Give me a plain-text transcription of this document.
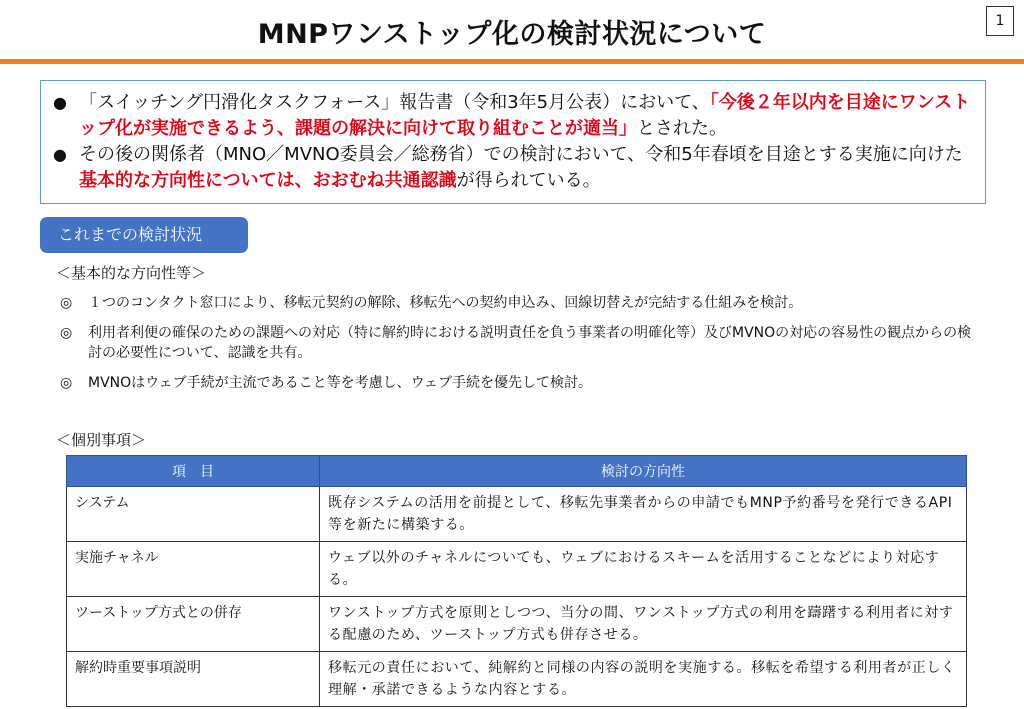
MNPワンストップ化の検討状況について	1

● 「スイッチング円滑化タスクフォース」報告書（令和3年5月公表）において、「今後２年以内を目途にワンストップ化が実施できるよう、課題の解決に向けて取り組むことが適当」とされた。

● その後の関係者（MNO／MVNO委員会／総務省）での検討において、令和5年春頃を目途とする実施に向けた基本的な方向性については、おおむね共通認識が得られている。

これまでの検討状況

＜基本的な方向性等＞

◎ １つのコンタクト窓口により、移転元契約の解除、移転先への契約申込み、回線切替えが完結する仕組みを検討。

◎ 利用者利便の確保のための課題への対応（特に解約時における説明責任を負う事業者の明確化等）及びMVNOの対応の容易性の観点からの検討の必要性について、認識を共有。

◎ MVNOはウェブ手続が主流であること等を考慮し、ウェブ手続を優先して検討。

＜個別事項＞

項　目	検討の方向性
システム	既存システムの活用を前提として、移転先事業者からの申請でもMNP予約番号を発行できるAPI等を新たに構築する。
実施チャネル	ウェブ以外のチャネルについても、ウェブにおけるスキームを活用することなどにより対応する。
ツーストップ方式との併存	ワンストップ方式を原則としつつ、当分の間、ワンストップ方式の利用を躊躇する利用者に対する配慮のため、ツーストップ方式も併存させる。
解約時重要事項説明	移転元の責任において、純解約と同様の内容の説明を実施する。移転を希望する利用者が正しく理解・承諾できるような内容とする。
